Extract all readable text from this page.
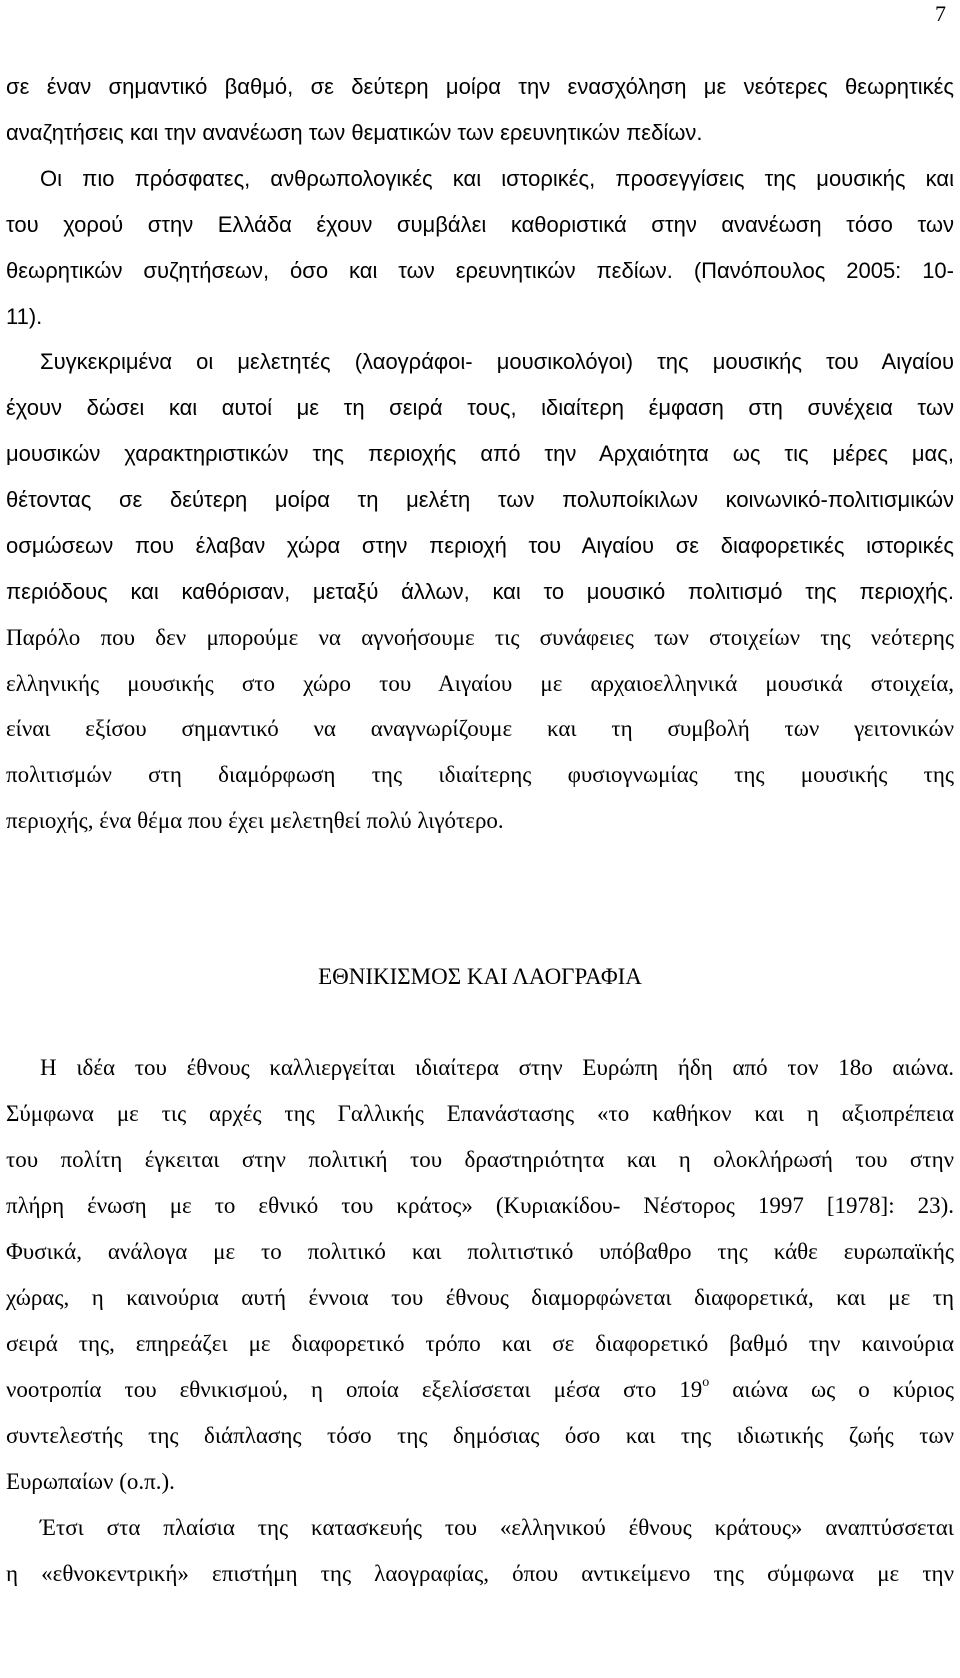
7
σε έναν σημαντικό βαθμό, σε δεύτερη μοίρα την ενασχόληση με νεότερες θεωρητικές
αναζητήσεις και την ανανέωση των θεματικών των ερευνητικών πεδίων.
Οι πιο πρόσφατες, ανθρωπολογικές και ιστορικές, προσεγγίσεις της μουσικής και
του χορού στην Ελλάδα έχουν συμβάλει καθοριστικά στην ανανέωση τόσο των
θεωρητικών συζητήσεων, όσο και των ερευνητικών πεδίων. (Πανόπουλος 2005: 10-
11).
Συγκεκριμένα οι μελετητές (λαογράφοι- μουσικολόγοι) της μουσικής του Αιγαίου
έχουν δώσει και αυτοί με τη σειρά τους, ιδιαίτερη έμφαση στη συνέχεια των
μουσικών χαρακτηριστικών της περιοχής από την Αρχαιότητα ως τις μέρες μας,
θέτοντας σε δεύτερη μοίρα τη μελέτη των πολυποίκιλων κοινωνικό-πολιτισμικών
οσμώσεων που έλαβαν χώρα στην περιοχή του Αιγαίου σε διαφορετικές ιστορικές
περιόδους και καθόρισαν, μεταξύ άλλων, και το μουσικό πολιτισμό της περιοχής.
Παρόλο που δεν μπορούμε να αγνοήσουμε τις συνάφειες των στοιχείων της νεότερης
ελληνικής μουσικής στο χώρο του Αιγαίου με αρχαιοελληνικά μουσικά στοιχεία,
είναι εξίσου σημαντικό να αναγνωρίζουμε και τη συμβολή των γειτονικών
πολιτισμών στη διαμόρφωση της ιδιαίτερης φυσιογνωμίας της μουσικής της
περιοχής, ένα θέμα που έχει μελετηθεί πολύ λιγότερο.
ΕΘΝΙΚΙΣΜΟΣ ΚΑΙ ΛΑΟΓΡΑΦΙΑ
Η ιδέα του έθνους καλλιεργείται ιδιαίτερα στην Ευρώπη ήδη από τον 18ο αιώνα.
Σύμφωνα με τις αρχές της Γαλλικής Επανάστασης «το καθήκον και η αξιοπρέπεια
του πολίτη έγκειται στην πολιτική του δραστηριότητα και η ολοκλήρωσή του στην
πλήρη ένωση με το εθνικό του κράτος» (Κυριακίδου- Νέστορος 1997 [1978]: 23).
Φυσικά, ανάλογα με το πολιτικό και πολιτιστικό υπόβαθρο της κάθε ευρωπαϊκής
χώρας, η καινούρια αυτή έννοια του έθνους διαμορφώνεται διαφορετικά, και με τη
σειρά της, επηρεάζει με διαφορετικό τρόπο και σε διαφορετικό βαθμό την καινούρια
νοοτροπία του εθνικισμού, η οποία εξελίσσεται μέσα στο $19^o$ αιώνα ως ο κύριος
συντελεστής της διάπλασης τόσο της δημόσιας όσο και της ιδιωτικής ζωής των
Ευρωπαίων (ο.π.).
Έτσι στα πλαίσια της κατασκευής του «ελληνικού έθνους κράτους» αναπτύσσεται
η «εθνοκεντρική» επιστήμη της λαογραφίας, όπου αντικείμενο της σύμφωνα με την
